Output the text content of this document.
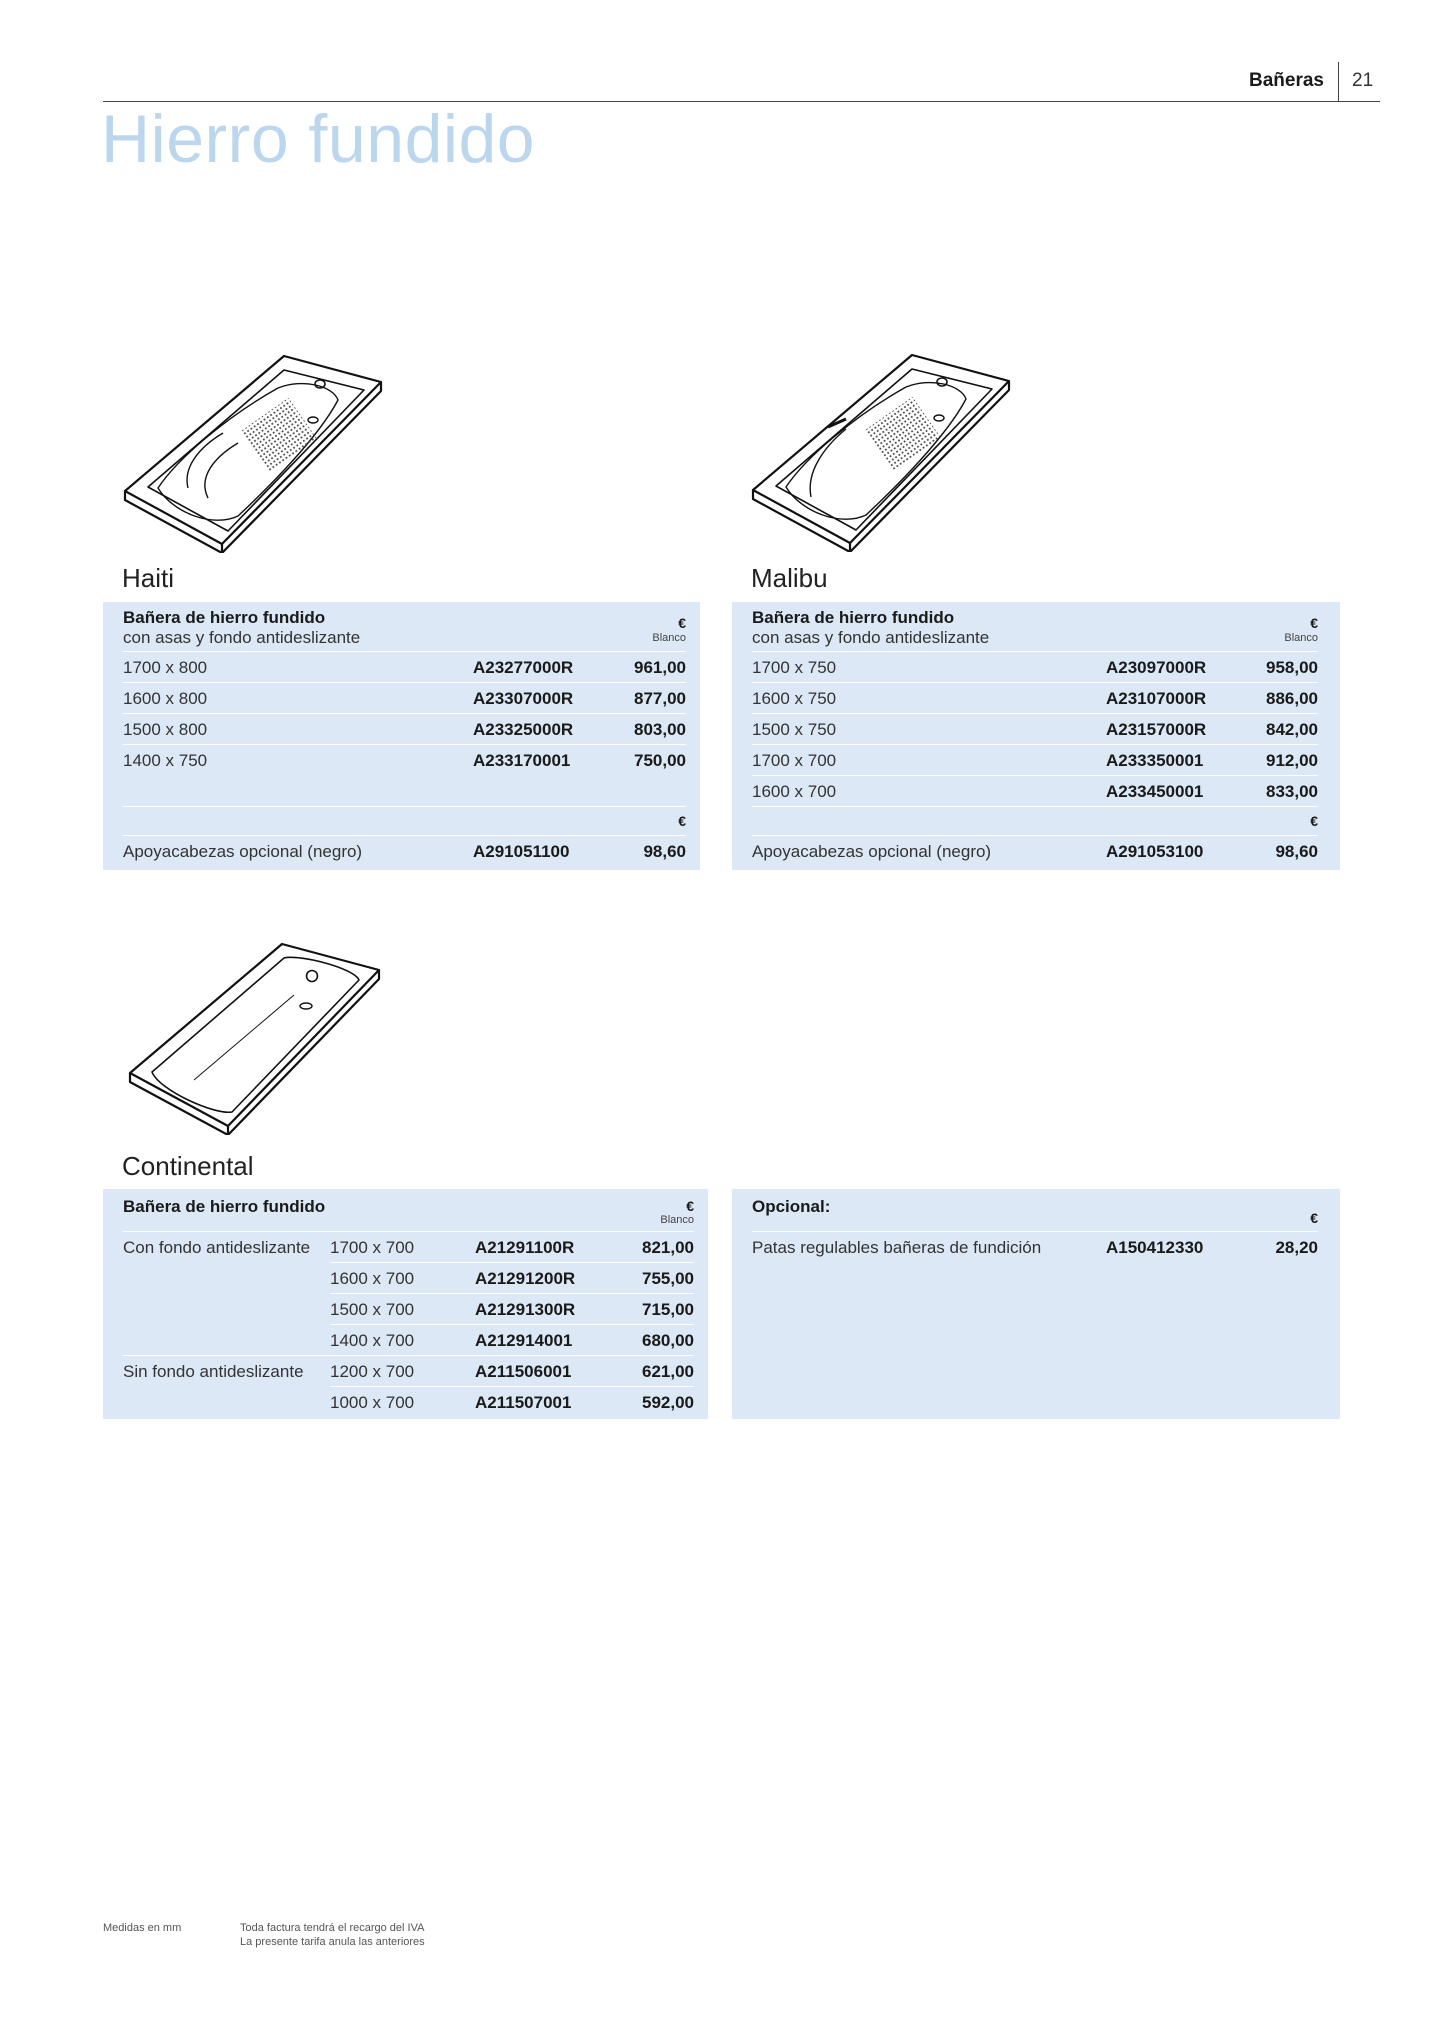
Bañeras 21
Hierro fundido
Haiti	Malibu
Continental
Bañera de hierro fundido
con asas y fondo antideslizante
€
Blanco
1700 x 800	A23277000R	961,00
1600 x 800	A23307000R	877,00
1500 x 800	A23325000R	803,00
1400 x 750	A233170001	750,00
€
Apoyacabezas opcional (negro)	A291051100	98,60
Bañera de hierro fundido
con asas y fondo antideslizante
€
Blanco
1700 x 750	A23097000R	958,00
1600 x 750	A23107000R	886,00
1500 x 750	A23157000R	842,00
1700 x 700	A233350001	912,00
1600 x 700	A233450001	833,00
€
Apoyacabezas opcional (negro)	A291053100	98,60
Bañera de hierro fundido	€
Blanco
Con fondo antideslizante 1700 x 700	A21291100R	821,00
1600 x 700	A21291200R	755,00
1500 x 700	A21291300R	715,00
1400 x 700	A212914001	680,00
Sin fondo antideslizante 1200 x 700	A211506001	621,00
1000 x 700	A211507001	592,00
Opcional:
€
Patas regulables bañeras de fundición	A150412330	28,20
Medidas en mm	Toda factura tendrá el recargo del IVA
La presente tarifa anula las anteriores
